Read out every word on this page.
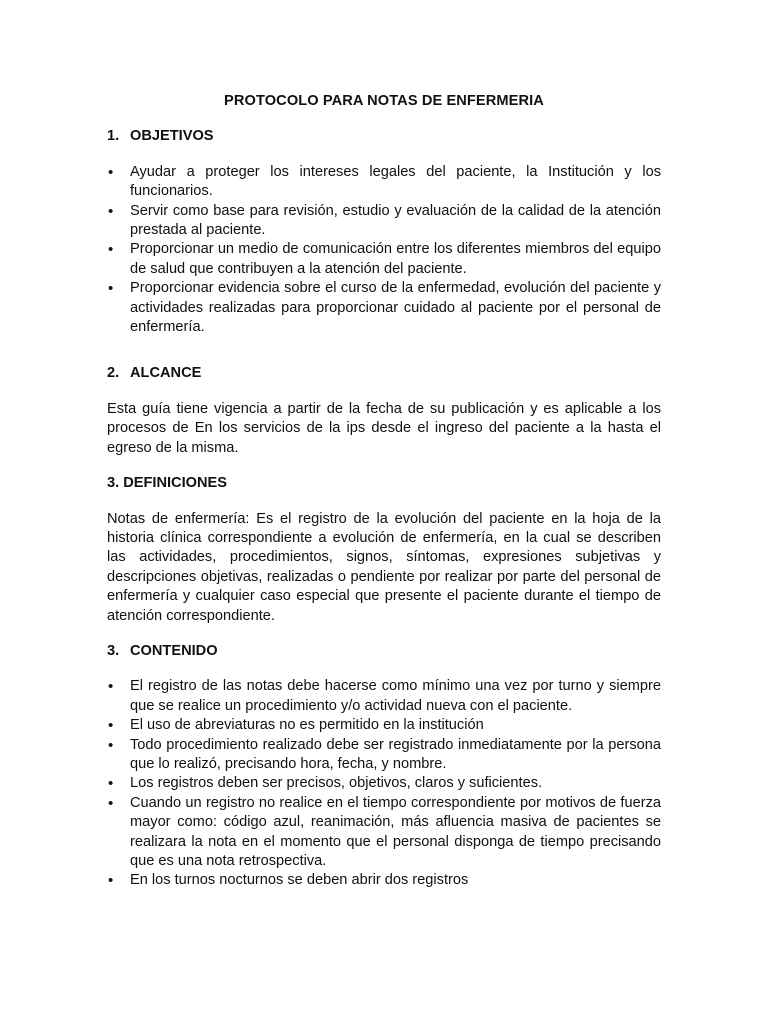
PROTOCOLO PARA NOTAS DE ENFERMERIA
1. OBJETIVOS
• Ayudar a proteger los intereses legales del paciente, la Institución y los funcionarios.
• Servir como base para revisión, estudio y evaluación de la calidad de la atención prestada al paciente.
• Proporcionar un medio de comunicación entre los diferentes miembros del equipo de salud que contribuyen a la atención del paciente.
• Proporcionar evidencia sobre el curso de la enfermedad, evolución del paciente y actividades realizadas para proporcionar cuidado al paciente por el personal de enfermería.
2. ALCANCE

Esta guía tiene vigencia a partir de la fecha de su publicación y es aplicable a los procesos de En los servicios de la ips desde el ingreso del paciente a la hasta el egreso de la misma.

3. DEFINICIONES

Notas de enfermería: Es el registro de la evolución del paciente en la hoja de la historia clínica correspondiente a evolución de enfermería, en la cual se describen las actividades, procedimientos, signos, síntomas, expresiones subjetivas y descripciones objetivas, realizadas o pendiente por realizar por parte del personal de enfermería y cualquier caso especial que presente el paciente durante el tiempo de atención correspondiente.

3. CONTENIDO
• El registro de las notas debe hacerse como mínimo una vez por turno y siempre que se realice un procedimiento y/o actividad nueva con el paciente.
• El uso de abreviaturas no es permitido en la institución
• Todo procedimiento realizado debe ser registrado inmediatamente por la persona que lo realizó, precisando hora, fecha, y nombre.
• Los registros deben ser precisos, objetivos, claros y suficientes.
• Cuando un registro no realice en el tiempo correspondiente por motivos de fuerza mayor como: código azul, reanimación, más afluencia masiva de pacientes se realizara la nota en el momento que el personal disponga de tiempo precisando que es una nota retrospectiva.
• En los turnos nocturnos se deben abrir dos registros
